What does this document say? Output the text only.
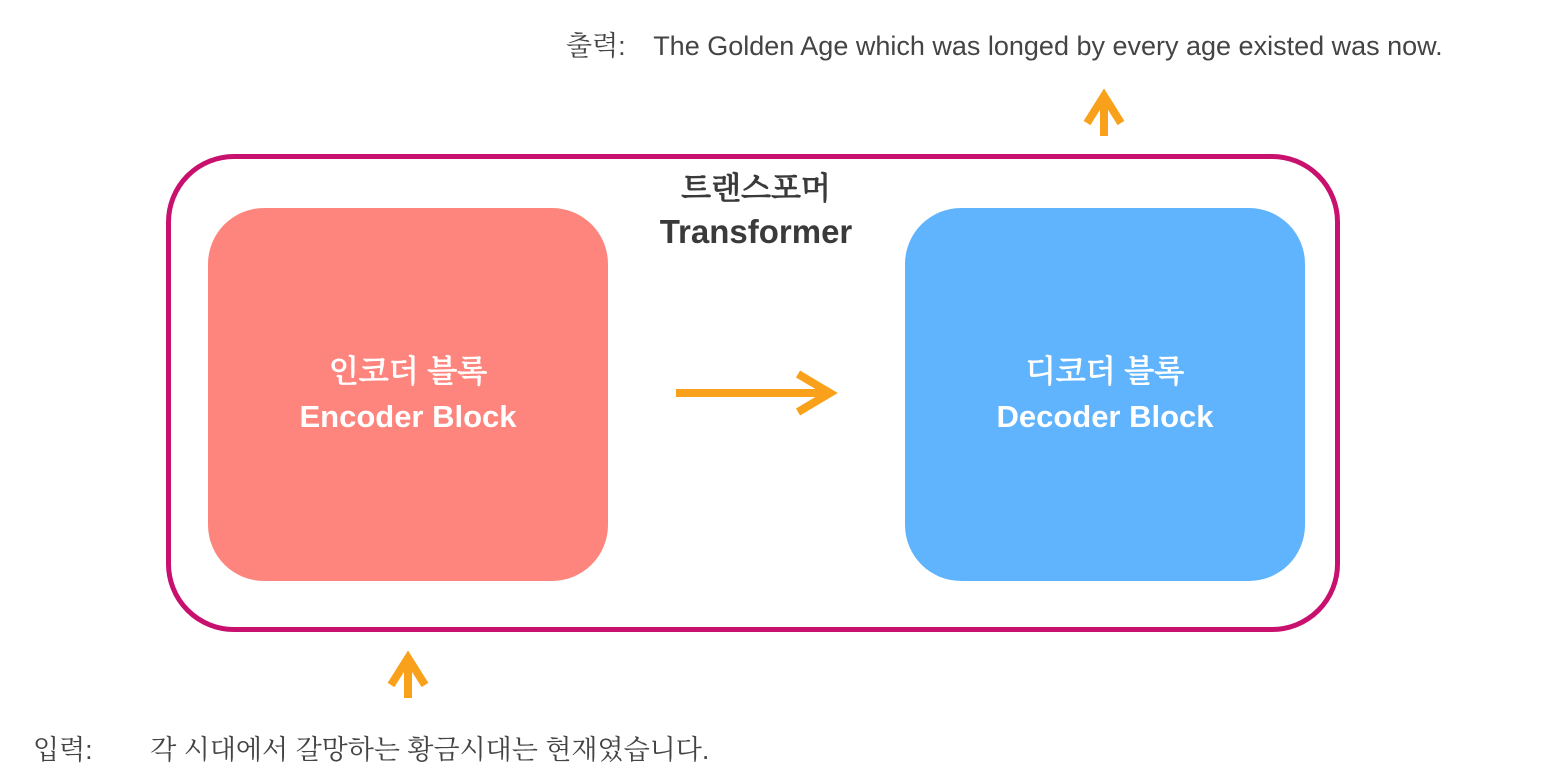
출력: The Golden Age which was longed by every age existed was now.
트랜스포머
Transformer
인코더 블록
Encoder Block
디코더 블록
Decoder Block
입력: 각 시대에서 갈망하는 황금시대는 현재였습니다.
